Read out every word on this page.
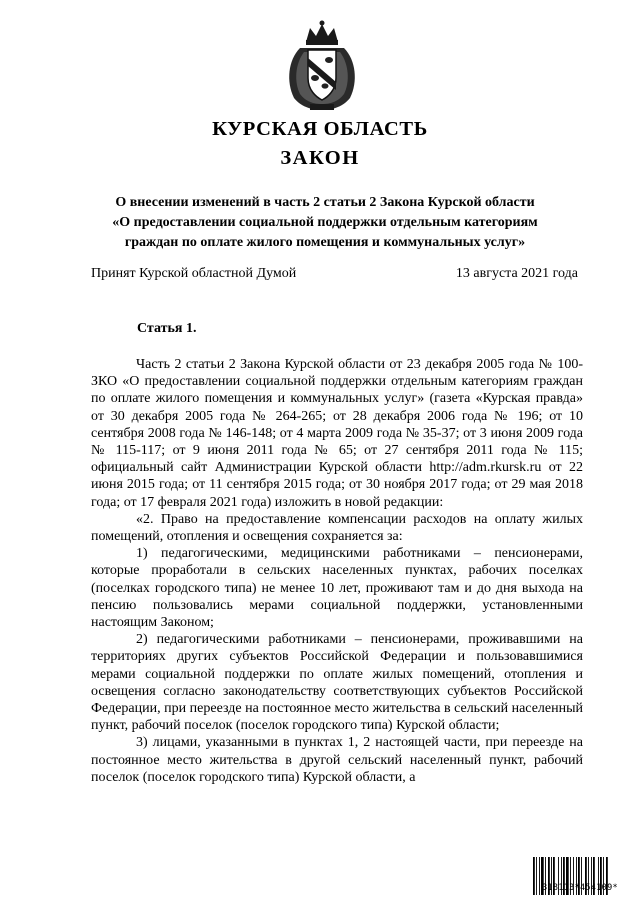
КУРСКАЯ ОБЛАСТЬ
ЗАКОН
О внесении изменений в часть 2 статьи 2 Закона Курской области
«О предоставлении социальной поддержки отдельным категориям
граждан по оплате жилого помещения и коммунальных услуг»
Принят Курской областной Думой	13 августа 2021 года
Статья 1.

Часть 2 статьи 2 Закона Курской области от 23 декабря 2005 года № 100-ЗКО «О предоставлении социальной поддержки отдельным категориям граждан по оплате жилого помещения и коммунальных услуг» (газета «Курская правда» от 30 декабря 2005 года № 264-265; от 28 декабря 2006 года № 196; от 10 сентября 2008 года № 146-148; от 4 марта 2009 года № 35-37; от 3 июня 2009 года № 115-117; от 9 июня 2011 года № 65; от 27 сентября 2011 года № 115; официальный сайт Администрации Курской области http://adm.rkursk.ru от 22 июня 2015 года; от 11 сентября 2015 года; от 30 ноября 2017 года; от 29 мая 2018 года; от 17 февраля 2021 года) изложить в новой редакции:

«2. Право на предоставление компенсации расходов на оплату жилых помещений, отопления и освещения сохраняется за:

1) педагогическими, медицинскими работниками – пенсионерами, которые проработали в сельских населенных пунктах, рабочих поселках (поселках городского типа) не менее 10 лет, проживают там и до дня выхода на пенсию пользовались мерами социальной поддержки, установленными настоящим Законом;

2) педагогическими работниками – пенсионерами, проживавшими на территориях других субъектов Российской Федерации и пользовавшимися мерами социальной поддержки по оплате жилых помещений, отопления и освещения согласно законодательству соответствующих субъектов Российской Федерации, при переезде на постоянное место жительства в сельский населенный пункт, рабочий поселок (поселок городского типа) Курской области;

3) лицами, указанными в пунктах 1, 2 настоящей части, при переезде на постоянное место жительства в другой сельский населенный пункт, рабочий поселок (поселок городского типа) Курской области, а

318113*454109*
